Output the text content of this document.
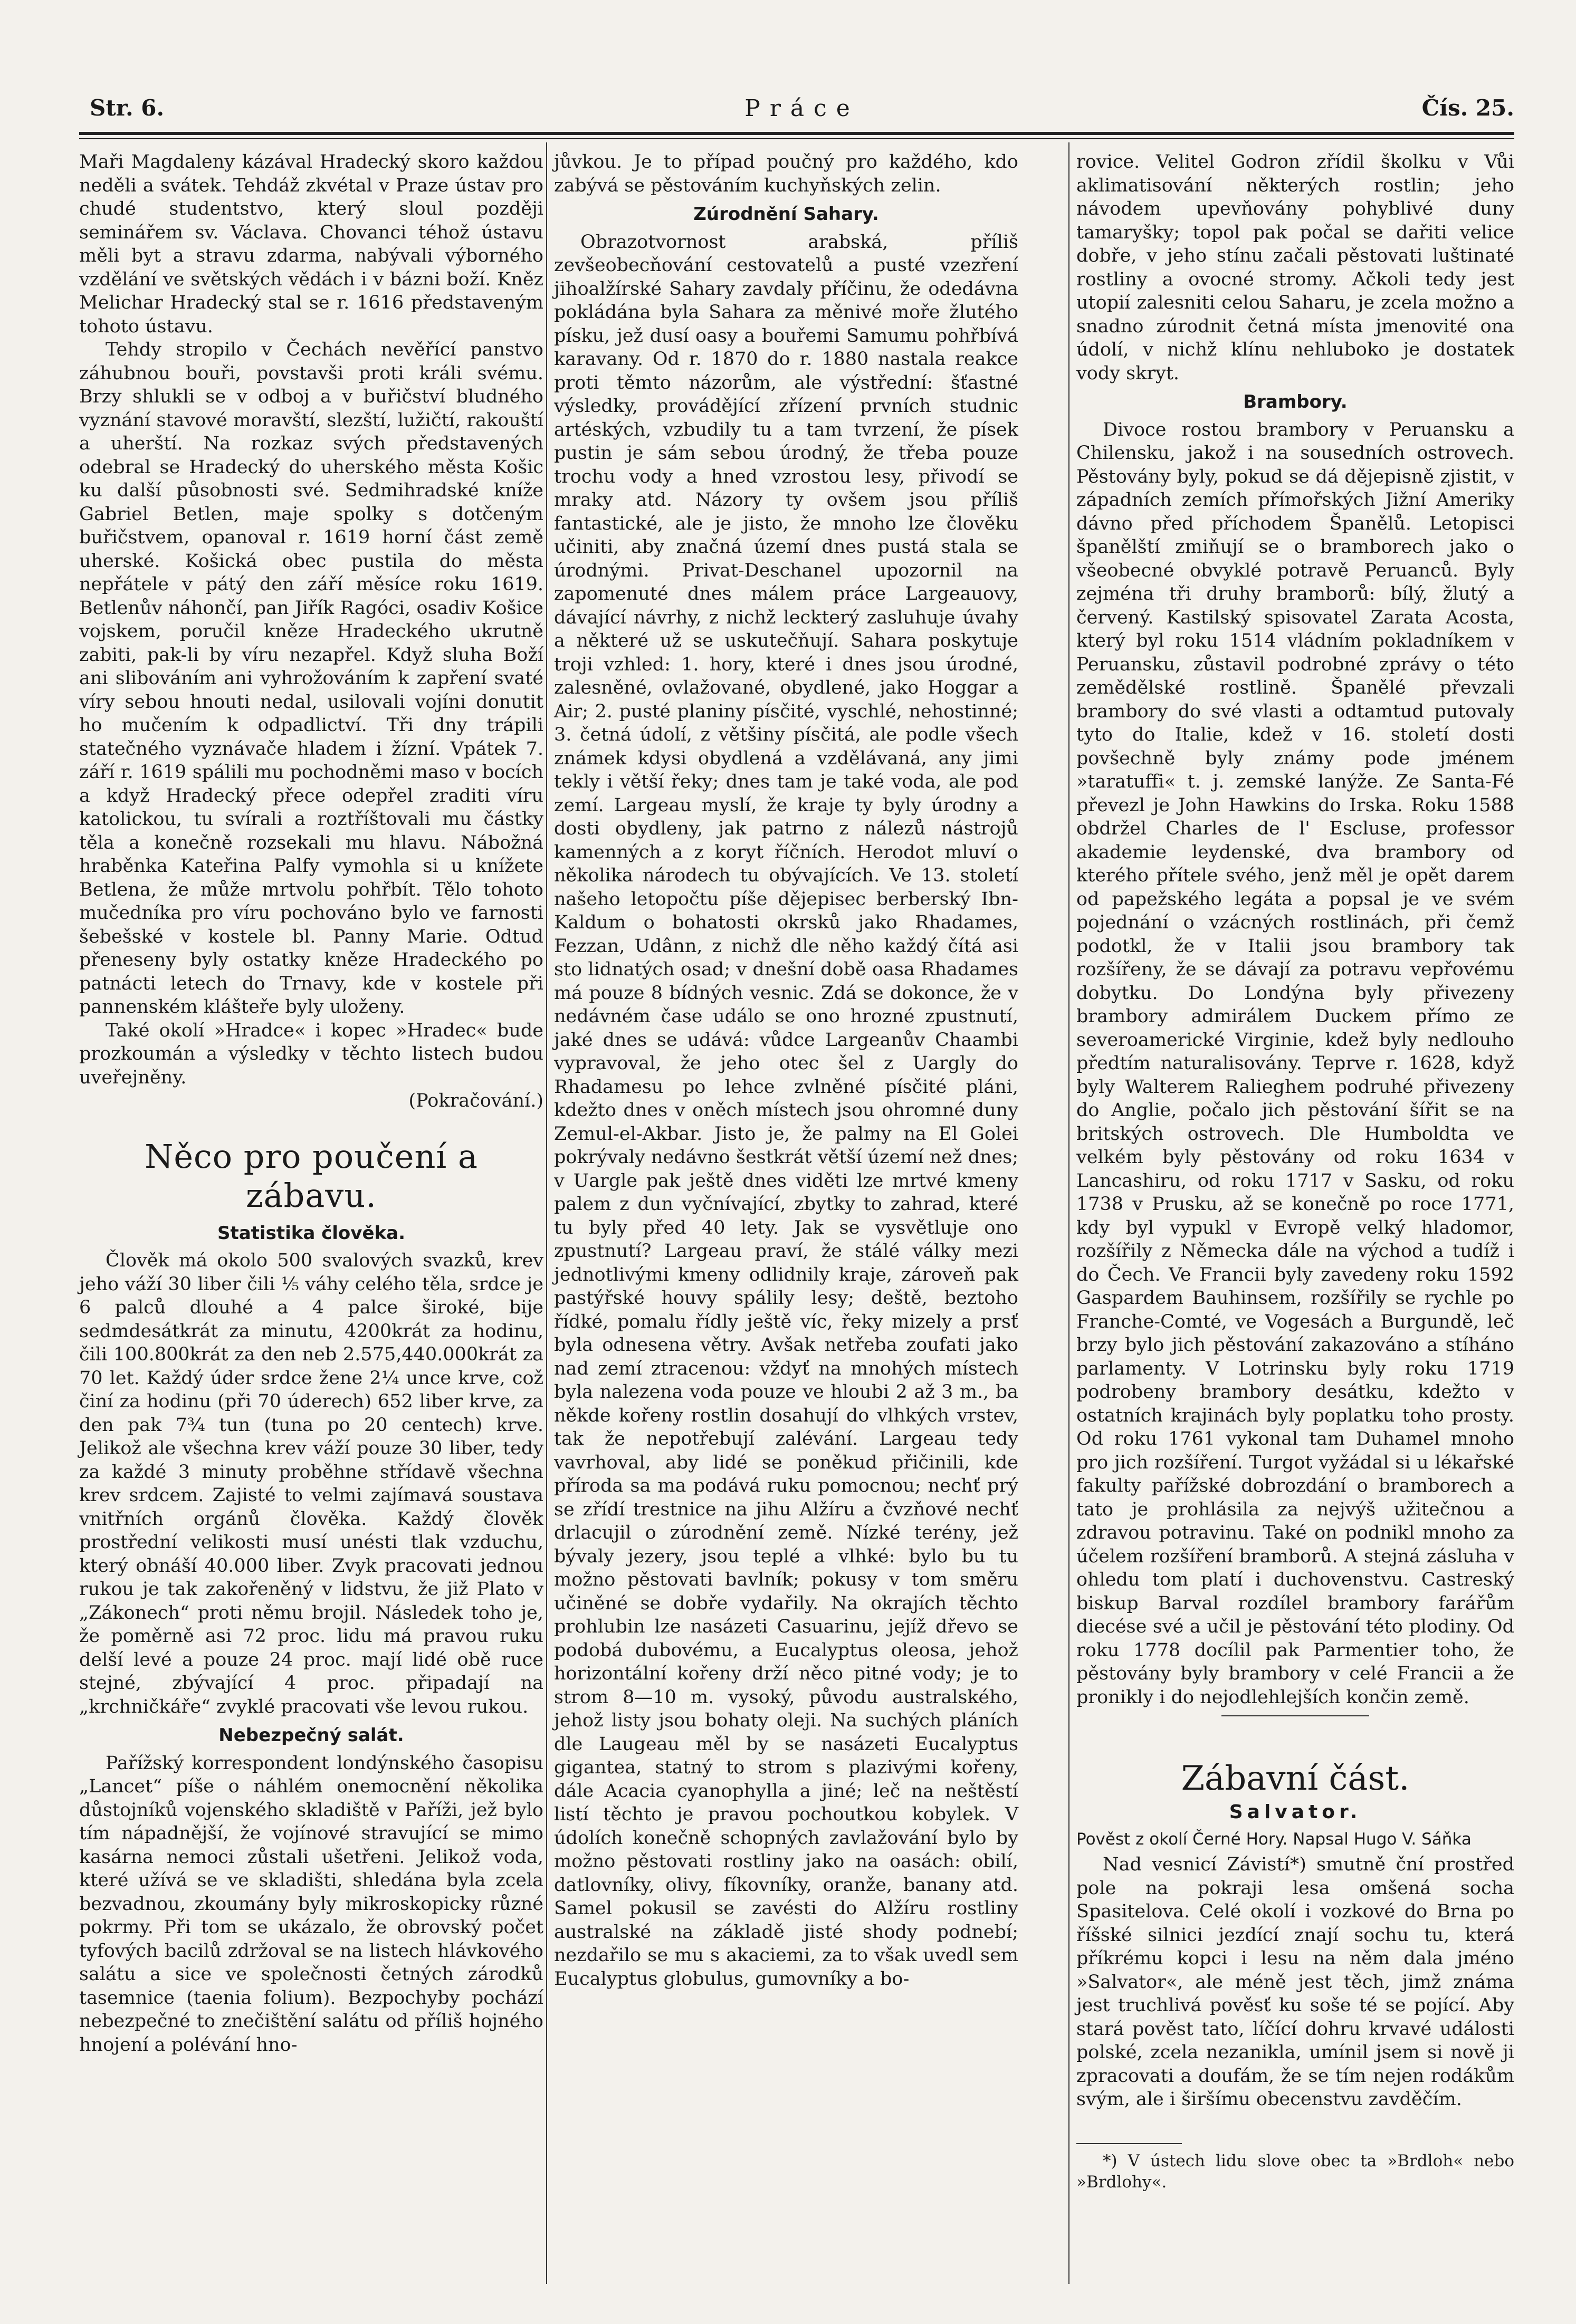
Str. 6.	Práce	Čís. 25.

Maři Magdaleny kázával Hradecký skoro každou neděli a svátek. Tehdáž zkvétal v Praze ústav pro chudé studentstvo, který sloul později seminářem sv. Václava. Chovanci téhož ústavu měli byt a stravu zdarma, nabývali výborného vzdělání ve světských vědách i v bázni boží. Kněz Melichar Hradecký stal se r. 1616 představeným tohoto ústavu.

Tehdy stropilo v Čechách nevěřící panstvo záhubnou bouři, povstavši proti králi svému. Brzy shlukli se v odboj a v buřičství bludného vyznání stavové moravští, slezští, lužičtí, rakouští a uherští. Na rozkaz svých představených odebral se Hradecký do uherského města Košic ku další působnosti své. Sedmihradské kníže Gabriel Betlen, maje spolky s dotčeným buřičstvem, opanoval r. 1619 horní část země uherské. Košická obec pustila do města nepřátele v pátý den září měsíce roku 1619. Betlenův náhončí, pan Jiřík Ragóci, osadiv Košice vojskem, poručil kněze Hradeckého ukrutně zabiti, pak-li by víru nezapřel. Když sluha Boží ani slibováním ani vyhrožováním k zapření svaté víry sebou hnouti nedal, usilovali vojíni donutit ho mučením k odpadlictví. Tři dny trápili statečného vyznávače hladem i žízní. Vpátek 7. září r. 1619 spálili mu pochodněmi maso v bocích a když Hradecký přece odepřel zraditi víru katolickou, tu svírali a roztříštovali mu částky těla a konečně rozsekali mu hlavu. Nábožná hraběnka Kateřina Palfy vymohla si u knížete Betlena, že může mrtvolu pohřbít. Tělo tohoto mučedníka pro víru pochováno bylo ve farnosti šebešské v kostele bl. Panny Marie. Odtud přeneseny byly ostatky kněze Hradeckého po patnácti letech do Trnavy, kde v kostele při pannenském klášteře byly uloženy.

Také okolí »Hradce« i kopec »Hradec« bude prozkoumán a výsledky v těchto listech budou uveřejněny.

(Pokračování.)
Něco pro poučení a zábavu.
Statistika člověka.

Člověk má okolo 500 svalových svazků, krev jeho váží 30 liber čili ⅕ váhy celého těla, srdce je 6 palců dlouhé a 4 palce široké, bije sedmdesátkrát za minutu, 4200krát za hodinu, čili 100.800krát za den neb 2.575,440.000krát za 70 let. Každý úder srdce žene 2¼ unce krve, což činí za hodinu (při 70 úderech) 652 liber krve, za den pak 7¾ tun (tuna po 20 centech) krve. Jelikož ale všechna krev váží pouze 30 liber, tedy za každé 3 minuty proběhne střídavě všechna krev srdcem. Zajisté to velmi zajímavá soustava vnitřních orgánů člověka. Každý člověk prostřední velikosti musí unésti tlak vzduchu, který obnáší 40.000 liber. Zvyk pracovati jednou rukou je tak zakořeněný v lidstvu, že již Plato v „Zákonech“ proti němu brojil. Následek toho je, že poměrně asi 72 proc. lidu má pravou ruku delší levé a pouze 24 proc. mají lidé obě ruce stejné, zbývající 4 proc. připadají na „krchničkáře“ zvyklé pracovati vše levou rukou.

Nebezpečný salát.

Pařížský korrespondent londýnského časopisu „Lancet“ píše o náhlém onemocnění několika důstojníků vojenského skladiště v Paříži, jež bylo tím nápadnější, že vojínové stravující se mimo kasárna nemoci zůstali ušetřeni. Jelikož voda, které užívá se ve skladišti, shledána byla zcela bezvadnou, zkoumány byly mikroskopicky různé pokrmy. Při tom se ukázalo, že obrovský počet tyfových bacilů zdržoval se na listech hlávkového salátu a sice ve společnosti četných zárodků tasemnice (taenia folium). Bezpochyby pochází nebezpečné to znečištění salátu od příliš hojného hnojení a polévání hno-

jůvkou. Je to případ poučný pro každého, kdo zabývá se pěstováním kuchyňských zelin.

Zúrodnění Sahary.

Obrazotvornost arabská, příliš zevšeobecňování cestovatelů a pusté vzezření jihoalžírské Sahary zavdaly příčinu, že odedávna pokládána byla Sahara za měnivé moře žlutého písku, jež dusí oasy a bouřemi Samumu pohřbívá karavany. Od r. 1870 do r. 1880 nastala reakce proti těmto názorům, ale výstřední: šťastné výsledky, provádějící zřízení prvních studnic artéských, vzbudily tu a tam tvrzení, že písek pustin je sám sebou úrodný, že třeba pouze trochu vody a hned vzrostou lesy, přivodí se mraky atd. Názory ty ovšem jsou příliš fantastické, ale je jisto, že mnoho lze člověku učiniti, aby značná území dnes pustá stala se úrodnými. Privat-Deschanel upozornil na zapomenuté dnes málem práce Largeauovy, dávající návrhy, z nichž leckterý zasluhuje úvahy a některé už se uskutečňují. Sahara poskytuje troji vzhled: 1. hory, které i dnes jsou úrodné, zalesněné, ovlažované, obydlené, jako Hoggar a Air; 2. pusté planiny písčité, vyschlé, nehostinné; 3. četná údolí, z většiny písčitá, ale podle všech známek kdysi obydlená a vzdělávaná, any jimi tekly i větší řeky; dnes tam je také voda, ale pod zemí. Largeau myslí, že kraje ty byly úrodny a dosti obydleny, jak patrno z nálezů nástrojů kamenných a z koryt říčních. Herodot mluví o několika národech tu obývajících. Ve 13. století našeho letopočtu píše dějepisec berberský Ibn-Kaldum o bohatosti okrsků jako Rhadames, Fezzan, Udânn, z nichž dle něho každý čítá asi sto lidnatých osad; v dnešní době oasa Rhadames má pouze 8 bídných vesnic. Zdá se dokonce, že v nedávném čase událo se ono hrozné zpustnutí, jaké dnes se udává: vůdce Largeanův Chaambi vypravoval, že jeho otec šel z Uargly do Rhadamesu po lehce zvlněné písčité pláni, kdežto dnes v oněch místech jsou ohromné duny Zemul-el-Akbar. Jisto je, že palmy na El Golei pokrývaly nedávno šestkrát větší území než dnes; v Uargle pak ještě dnes viděti lze mrtvé kmeny palem z dun vyčnívající, zbytky to zahrad, které tu byly před 40 lety. Jak se vysvětluje ono zpustnutí? Largeau praví, že stálé války mezi jednotlivými kmeny odlidnily kraje, zároveň pak pastýřské houvy spálily lesy; deště, beztoho řídké, pomalu řídly ještě víc, řeky mizely a prsť byla odnesena větry. Avšak netřeba zoufati jako nad zemí ztracenou: vždyť na mnohých místech byla nalezena voda pouze ve hloubi 2 až 3 m., ba někde kořeny rostlin dosahují do vlhkých vrstev, tak že nepotřebují zalévání. Largeau tedy vavrhoval, aby lidé se poněkud přičinili, kde příroda sa ma podává ruku pomocnou; nechť prý se zřídí trestnice na jihu Alžíru a čvzňové nechť drlacujil o zúrodnění země. Nízké terény, jež bývaly jezery, jsou teplé a vlhké: bylo bu tu možno pěstovati bavlník; pokusy v tom směru učiněné se dobře vydařily. Na okrajích těchto prohlubin lze nasázeti Casuarinu, jejíž dřevo se podobá dubovému, a Eucalyptus oleosa, jehož horizontální kořeny drží něco pitné vody; je to strom 8—10 m. vysoký, původu australského, jehož listy jsou bohaty oleji. Na suchých pláních dle Laugeau měl by se nasázeti Eucalyptus gigantea, statný to strom s plazivými kořeny, dále Acacia cyanophylla a jiné; leč na neštěstí listí těchto je pravou pochoutkou kobylek. V údolích konečně schopných zavlažování bylo by možno pěstovati rostliny jako na oasách: obilí, datlovníky, olivy, fíkovníky, oranže, banany atd. Samel pokusil se zavésti do Alžíru rostliny australské na základě jisté shody podnebí; nezdařilo se mu s akaciemi, za to však uvedl sem Eucalyptus globulus, gumovníky a bo-

rovice. Velitel Godron zřídil školku v Vůi aklimatisování některých rostlin; jeho návodem upevňovány pohyblivé duny tamaryšky; topol pak počal se dařiti velice dobře, v jeho stínu začali pěstovati luštinaté rostliny a ovocné stromy. Ačkoli tedy jest utopií zalesniti celou Saharu, je zcela možno a snadno zúrodnit četná místa jmenovité ona údolí, v nichž klínu nehluboko je dostatek vody skryt.

Brambory.

Divoce rostou brambory v Peruansku a Chilensku, jakož i na sousedních ostrovech. Pěstovány byly, pokud se dá dějepisně zjistit, v západních zemích přímořských Jižní Ameriky dávno před příchodem Španělů. Letopisci španělští zmiňují se o bramborech jako o všeobecné obvyklé potravě Peruanců. Byly zejména tři druhy bramborů: bílý, žlutý a červený. Kastilský spisovatel Zarata Acosta, který byl roku 1514 vládním pokladníkem v Peruansku, zůstavil podrobné zprávy o této zemědělské rostlině. Španělé převzali brambory do své vlasti a odtamtud putovaly tyto do Italie, kdež v 16. století dosti povšechně byly známy pode jménem »taratuffi« t. j. zemské lanýže. Ze Santa-Fé převezl je John Hawkins do Irska. Roku 1588 obdržel Charles de l' Escluse, professor akademie leydenské, dva brambory od kterého přítele svého, jenž měl je opět darem od papežského legáta a popsal je ve svém pojednání o vzácných rostlinách, při čemž podotkl, že v Italii jsou brambory tak rozšířeny, že se dávají za potravu vepřovému dobytku. Do Londýna byly přivezeny brambory admirálem Duckem přímo ze severoamerické Virginie, kdež byly nedlouho předtím naturalisovány. Teprve r. 1628, když byly Walterem Ralieghem podruhé přivezeny do Anglie, počalo jich pěstování šířit se na britských ostrovech. Dle Humboldta ve velkém byly pěstovány od roku 1634 v Lancashiru, od roku 1717 v Sasku, od roku 1738 v Prusku, až se konečně po roce 1771, kdy byl vypukl v Evropě velký hladomor, rozšířily z Německa dále na východ a tudíž i do Čech. Ve Francii byly zavedeny roku 1592 Gaspardem Bauhinsem, rozšířily se rychle po Franche-Comté, ve Vogesách a Burgundě, leč brzy bylo jich pěstování zakazováno a stíháno parlamenty. V Lotrinsku byly roku 1719 podrobeny brambory desátku, kdežto v ostatních krajinách byly poplatku toho prosty. Od roku 1761 vykonal tam Duhamel mnoho pro jich rozšíření. Turgot vyžádal si u lékařské fakulty pařížské dobrozdání o bramborech a tato je prohlásila za nejvýš užitečnou a zdravou potravinu. Také on podnikl mnoho za účelem rozšíření bramborů. A stejná zásluha v ohledu tom platí i duchovenstvu. Castreský biskup Barval rozdílel brambory farářům diecése své a učil je pěstování této plodiny. Od roku 1778 docílil pak Parmentier toho, že pěstovány byly brambory v celé Francii a že pronikly i do nejodlehlejších končin země.

Zábavní část.
Salvator.

Pověst z okolí Černé Hory. Napsal Hugo V. Sáňka

Nad vesnicí Závistí*) smutně ční prostřed pole na pokraji lesa omšená socha Spasitelova. Celé okolí i vozkové do Brna po říšské silnici jezdící znají sochu tu, která příkrému kopci i lesu na něm dala jméno »Salvator«, ale méně jest těch, jimž známa jest truchlivá pověsť ku soše té se pojící. Aby stará pověst tato, líčící dohru krvavé události polské, zcela nezanikla, umínil jsem si nově ji zpracovati a doufám, že se tím nejen rodákům svým, ale i širšímu obecenstvu zavděčím.

*) V ústech lidu slove obec ta »Brdloh« nebo »Brdlohy«.
